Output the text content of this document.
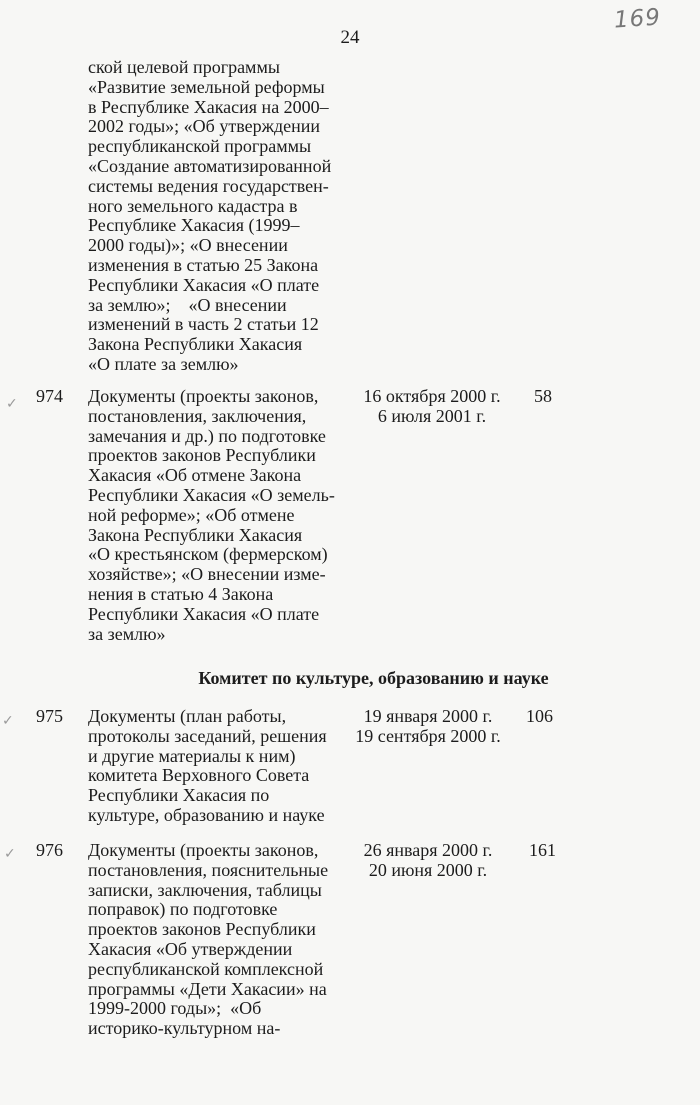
24
169
ской целевой программы
«Развитие земельной реформы
в Республике Хакасия на 2000–
2002 годы»; «Об утверждении
республиканской программы
«Создание автоматизированной
системы ведения государствен-
ного земельного кадастра в
Республике Хакасия (1999–
2000 годы)»; «О внесении
изменения в статью 25 Закона
Республики Хакасия «О плате
за землю»;    «О внесении
изменений в часть 2 статьи 12
Закона Республики Хакасия
«О плате за землю»
✓ 974 Документы (проекты законов,
постановления, заключения,
замечания и др.) по подготовке
проектов законов Республики
Хакасия «Об отмене Закона
Республики Хакасия «О земель-
ной реформе»; «Об отмене
Закона Республики Хакасия
«О крестьянском (фермерском)
хозяйстве»; «О внесении изме-
нения в статью 4 Закона
Республики Хакасия «О плате
за землю»
16 октября 2000 г.
6 июля 2001 г.
58
Комитет по культуре, образованию и науке
✓ 975 Документы (план работы,
протоколы заседаний, решения
и другие материалы к ним)
комитета Верховного Совета
Республики Хакасия по
культуре, образованию и науке
19 января 2000 г.
19 сентября 2000 г.
106
✓ 976 Документы (проекты законов,
постановления, пояснительные
записки, заключения, таблицы
поправок) по подготовке
проектов законов Республики
Хакасия «Об утверждении
республиканской комплексной
программы «Дети Хакасии» на
1999-2000 годы»;  «Об
историко-культурном на-
26 января 2000 г.
20 июня 2000 г.
161
